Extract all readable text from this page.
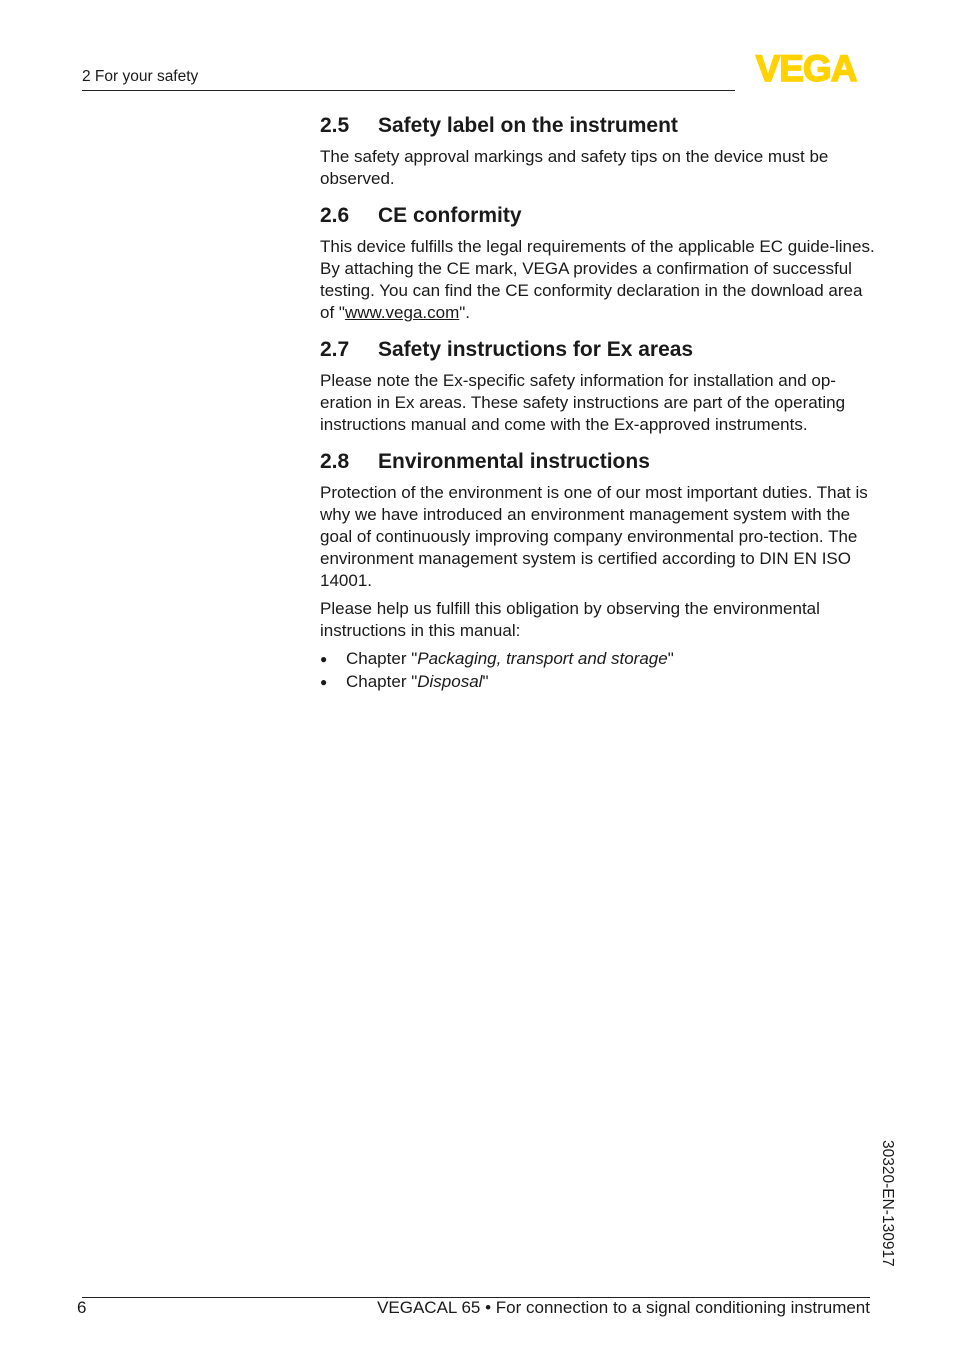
2 For your safety	VEGA
2.5	Safety label on the instrument

The safety approval markings and safety tips on the device must be observed.

2.6	CE conformity

This device fulfills the legal requirements of the applicable EC guide-lines. By attaching the CE mark, VEGA provides a confirmation of successful testing. You can find the CE conformity declaration in the download area of "www.vega.com".

2.7	Safety instructions for Ex areas

Please note the Ex-specific safety information for installation and op-eration in Ex areas. These safety instructions are part of the operating instructions manual and come with the Ex-approved instruments.

2.8	Environmental instructions

Protection of the environment is one of our most important duties. That is why we have introduced an environment management system with the goal of continuously improving company environmental pro-tection. The environment management system is certified according to DIN EN ISO 14001.

Please help us fulfill this obligation by observing the environmental instructions in this manual:

●	Chapter "Packaging, transport and storage"
●	Chapter "Disposal"
30320-EN-130917
6	VEGACAL 65 • For connection to a signal conditioning instrument
